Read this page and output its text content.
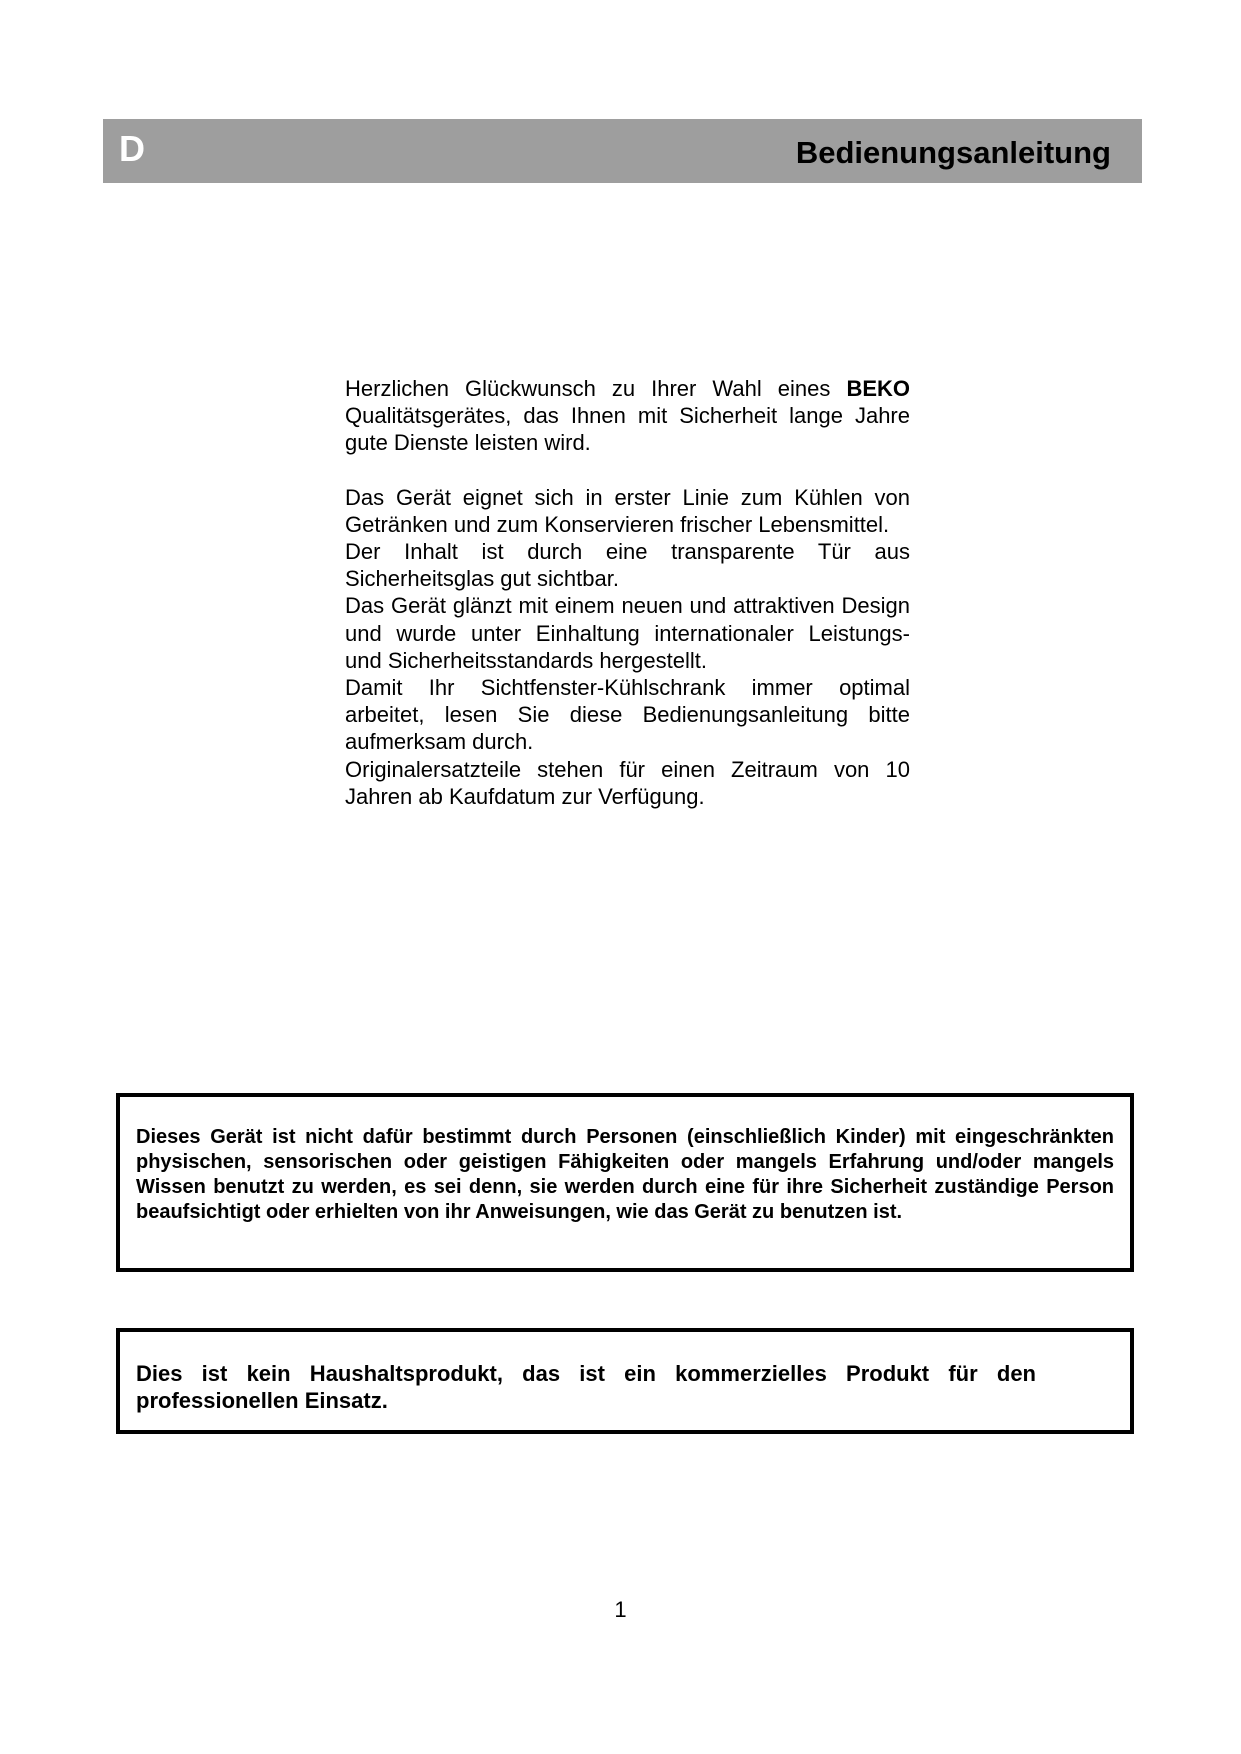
D	Bedienungsanleitung

Herzlichen Glückwunsch zu Ihrer Wahl eines BEKO Qualitätsgerätes, das Ihnen mit Sicherheit lange Jahre gute Dienste leisten wird.

Das Gerät eignet sich in erster Linie zum Kühlen von Getränken und zum Konservieren frischer Lebensmittel.

Der Inhalt ist durch eine transparente Tür aus Sicherheitsglas gut sichtbar.

Das Gerät glänzt mit einem neuen und attraktiven Design und wurde unter Einhaltung internationaler Leistungs- und Sicherheitsstandards hergestellt.

Damit Ihr Sichtfenster-Kühlschrank immer optimal arbeitet, lesen Sie diese Bedienungsanleitung bitte aufmerksam durch.

Originalersatzteile stehen für einen Zeitraum von 10 Jahren ab Kaufdatum zur Verfügung.

Dieses Gerät ist nicht dafür bestimmt durch Personen (einschließlich Kinder) mit eingeschränkten physischen, sensorischen oder geistigen Fähigkeiten oder mangels Erfahrung und/oder mangels Wissen benutzt zu werden, es sei denn, sie werden durch eine für ihre Sicherheit zuständige Person beaufsichtigt oder erhielten von ihr Anweisungen, wie das Gerät zu benutzen ist.

Dies ist kein Haushaltsprodukt, das ist ein kommerzielles Produkt für den professionellen Einsatz.

1
